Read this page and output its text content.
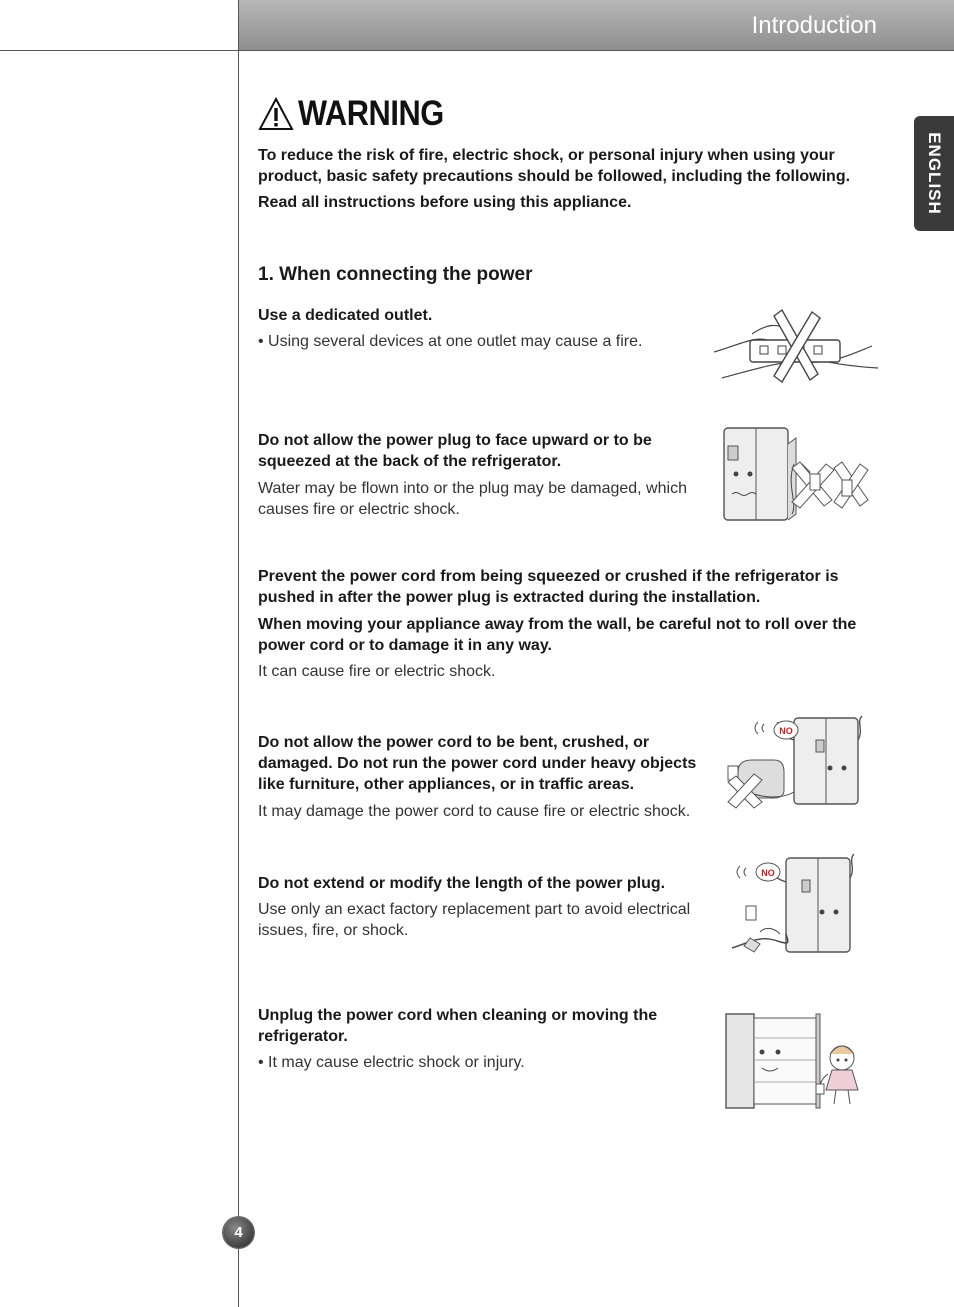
Introduction
ENGLISH
WARNING
To reduce the risk of fire, electric shock, or personal injury when using your product, basic safety precautions should be followed, including the following.
Read all instructions before using this appliance.
1. When connecting the power
Use a dedicated outlet.
• Using several devices at one outlet may cause a fire.
Do not allow the power plug to face upward or to be squeezed at the back of the refrigerator.
Water may be flown into or the plug may be damaged, which causes fire or electric shock.
Prevent the power cord from being squeezed or crushed if the refrigerator is pushed in after the power plug is extracted during the installation.
When moving your appliance away from the wall, be careful not to roll over the power cord or to damage it in any way.
It can cause fire or electric shock.
Do not allow the power cord to be bent, crushed, or damaged. Do not run the power cord under heavy objects like furniture, other appliances, or in traffic areas.
It may damage the power cord to cause fire or electric shock.
NO
Do not extend or modify the length of the power plug.
Use only an exact factory replacement part to avoid electrical issues, fire, or shock.
NO
Unplug the power cord when cleaning or moving the refrigerator.
• It may cause electric shock or injury.
4
